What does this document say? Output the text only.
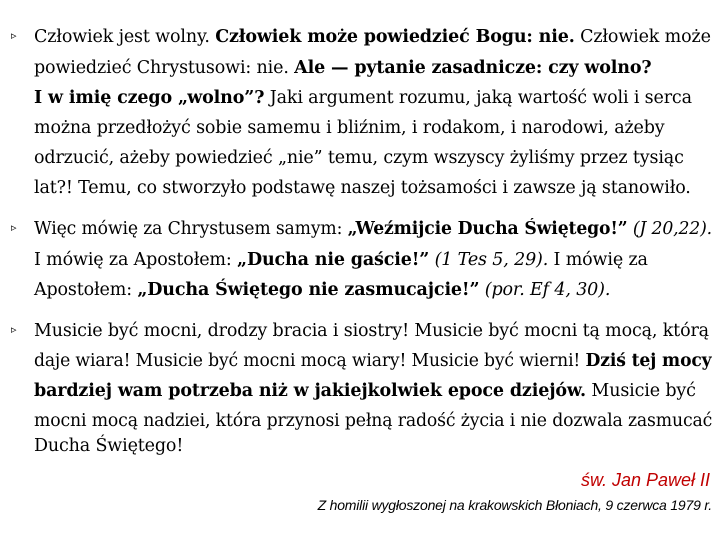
▹ Człowiek jest wolny. Człowiek może powiedzieć Bogu: nie. Człowiek może
powiedzieć Chrystusowi: nie. Ale — pytanie zasadnicze: czy wolno?
I w imię czego „wolno”? Jaki argument rozumu, jaką wartość woli i serca
można przedłożyć sobie samemu i bliźnim, i rodakom, i narodowi, ażeby
odrzucić, ażeby powiedzieć „nie” temu, czym wszyscy żyliśmy przez tysiąc
lat?! Temu, co stworzyło podstawę naszej tożsamości i zawsze ją stanowiło.
▹ Więc mówię za Chrystusem samym: „Weźmijcie Ducha Świętego!” (J 20,22).
I mówię za Apostołem: „Ducha nie gaście!” (1 Tes 5, 29). I mówię za
Apostołem: „Ducha Świętego nie zasmucajcie!” (por. Ef 4, 30).
▹ Musicie być mocni, drodzy bracia i siostry! Musicie być mocni tą mocą, którą
daje wiara! Musicie być mocni mocą wiary! Musicie być wierni! Dziś tej mocy
bardziej wam potrzeba niż w jakiejkolwiek epoce dziejów. Musicie być
mocni mocą nadziei, która przynosi pełną radość życia i nie dozwala zasmucać
Ducha Świętego!
św. Jan Paweł II
Z homilii wygłoszonej na krakowskich Błoniach, 9 czerwca 1979 r.
